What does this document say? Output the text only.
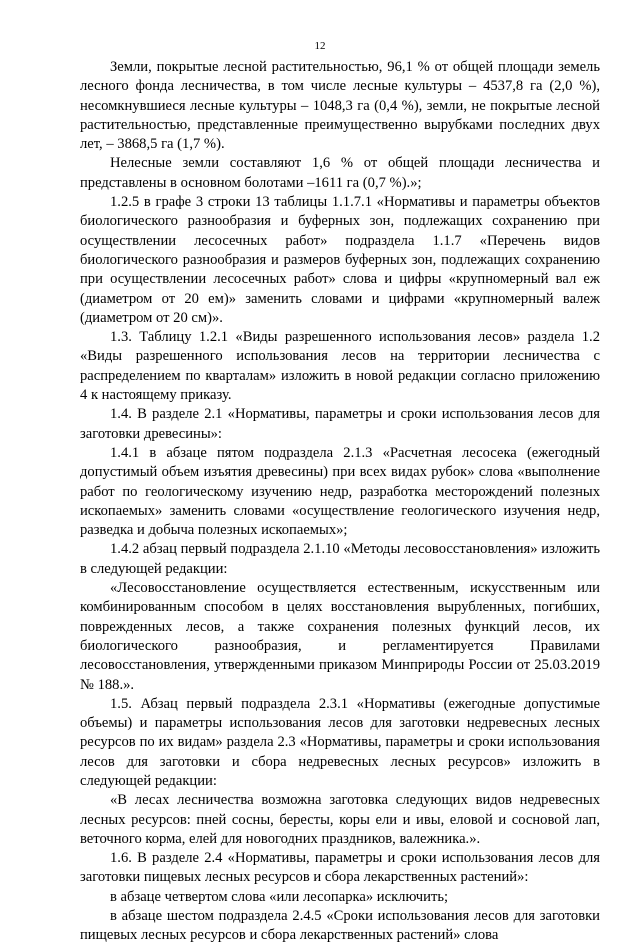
12

Земли, покрытые лесной растительностью, 96,1 % от общей площади земель лесного фонда лесничества, в том числе лесные культуры – 4537,8 га (2,0 %), несомкнувшиеся лесные культуры – 1048,3 га (0,4 %), земли, не покрытые лесной растительностью, представленные преимущественно вырубками последних двух лет, – 3868,5 га (1,7 %).

Нелесные земли составляют 1,6 % от общей площади лесничества и представлены в основном болотами –1611 га (0,7 %).»;

1.2.5 в графе 3 строки 13 таблицы 1.1.7.1 «Нормативы и параметры объектов биологического разнообразия и буферных зон, подлежащих сохранению при осуществлении лесосечных работ» подраздела 1.1.7 «Перечень видов биологического разнообразия и размеров буферных зон, подлежащих сохранению при осуществлении лесосечных работ» слова и цифры «крупномерный вал еж (диаметром от 20 ем)» заменить словами и цифрами «крупномерный валеж (диаметром от 20 см)».

1.3. Таблицу 1.2.1 «Виды разрешенного использования лесов» раздела 1.2 «Виды разрешенного использования лесов на территории лесничества с распределением по кварталам» изложить в новой редакции согласно приложению 4 к настоящему приказу.

1.4. В разделе 2.1 «Нормативы, параметры и сроки использования лесов для заготовки древесины»:

1.4.1 в абзаце пятом подраздела 2.1.3 «Расчетная лесосека (ежегодный допустимый объем изъятия древесины) при всех видах рубок» слова «выполнение работ по геологическому изучению недр, разработка месторождений полезных ископаемых» заменить словами «осуществление геологического изучения недр, разведка и добыча полезных ископаемых»;

1.4.2 абзац первый подраздела 2.1.10 «Методы лесовосстановления» изложить в следующей редакции:

«Лесовосстановление осуществляется естественным, искусственным или комбинированным способом в целях восстановления вырубленных, погибших, поврежденных лесов, а также сохранения полезных функций лесов, их биологического разнообразия, и регламентируется Правилами лесовосстановления, утвержденными приказом Минприроды России от 25.03.2019 № 188.».

1.5. Абзац первый подраздела 2.3.1 «Нормативы (ежегодные допустимые объемы) и параметры использования лесов для заготовки недревесных лесных ресурсов по их видам» раздела 2.3 «Нормативы, параметры и сроки использования лесов для заготовки и сбора недревесных лесных ресурсов» изложить в следующей редакции:

«В лесах лесничества возможна заготовка следующих видов недревесных лесных ресурсов: пней сосны, бересты, коры ели и ивы, еловой и сосновой лап, веточного корма, елей для новогодних праздников, валежника.».

1.6. В разделе 2.4 «Нормативы, параметры и сроки использования лесов для заготовки пищевых лесных ресурсов и сбора лекарственных растений»:

в абзаце четвертом слова «или лесопарка» исключить;

в абзаце шестом подраздела 2.4.5 «Сроки использования лесов для заготовки пищевых лесных ресурсов и сбора лекарственных растений» слова
